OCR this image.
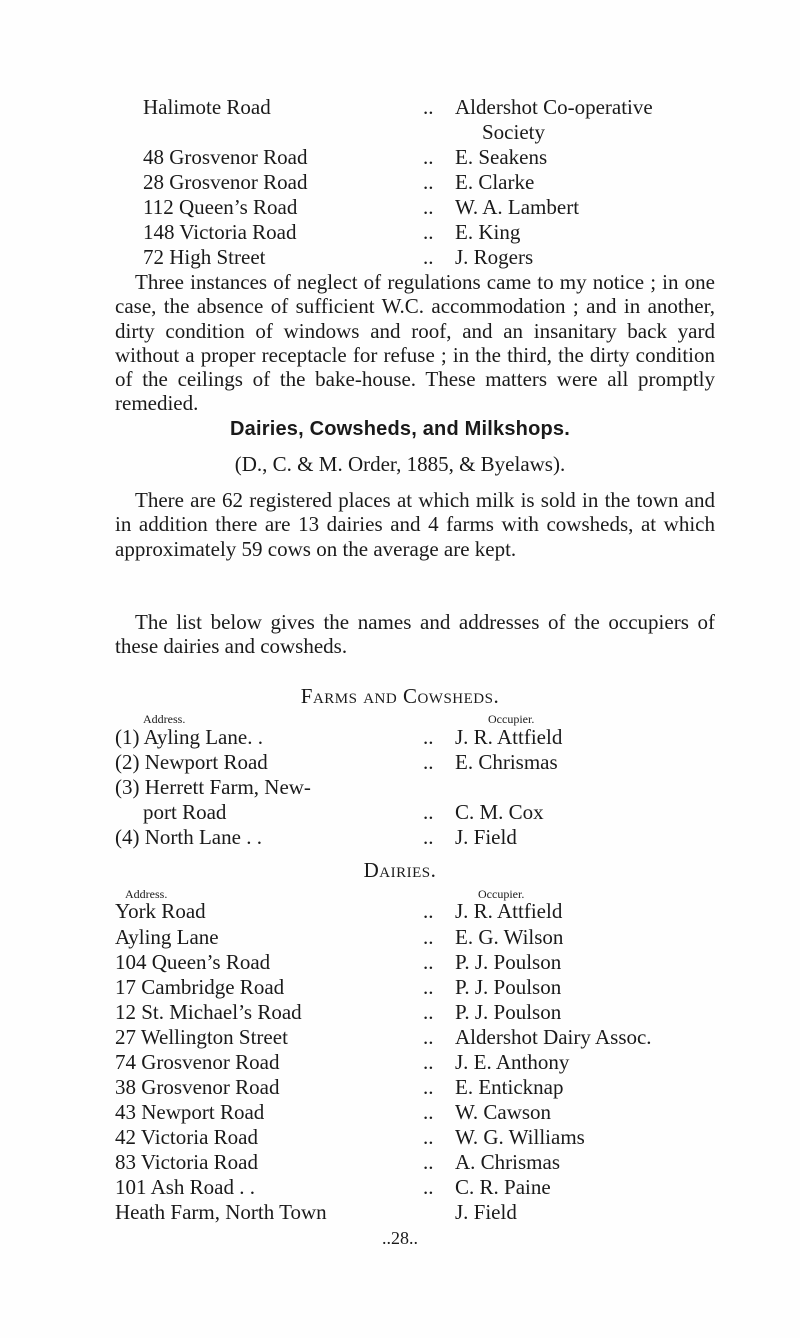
Halimote Road	.. Aldershot Co-operative
Society
48 Grosvenor Road	.. E. Seakens
28 Grosvenor Road	.. E. Clarke
112 Queen’s Road	.. W. A. Lambert
148 Victoria Road	.. E. King
72 High Street	.. J. Rogers
Three instances of neglect of regulations came to my notice ; in one case, the absence of sufficient W.C. accommodation ; and in another, dirty condition of windows and roof, and an insanitary back yard without a proper receptacle for refuse ; in the third, the dirty condition of the ceilings of the bake-house. These matters were all promptly remedied.
Dairies, Cowsheds, and Milkshops.
(D., C. & M. Order, 1885, & Byelaws).
There are 62 registered places at which milk is sold in the town and in addition there are 13 dairies and 4 farms with cowsheds, at which approximately 59 cows on the average are kept.
The list below gives the names and addresses of the occupiers of these dairies and cowsheds.
Farms and Cowsheds.
Address.	Occupier.
(1) Ayling Lane. .	.. J. R. Attfield
(2) Newport Road	.. E. Chrismas
(3) Herrett Farm, New-
port Road	.. C. M. Cox
(4) North Lane . .	.. J. Field
Dairies.
Address.	Occupier.
York Road	.. J. R. Attfield
Ayling Lane	.. E. G. Wilson
104 Queen’s Road	.. P. J. Poulson
17 Cambridge Road	.. P. J. Poulson
12 St. Michael’s Road	.. P. J. Poulson
27 Wellington Street	.. Aldershot Dairy Assoc.
74 Grosvenor Road	.. J. E. Anthony
38 Grosvenor Road	.. E. Enticknap
43 Newport Road	.. W. Cawson
42 Victoria Road	.. W. G. Williams
83 Victoria Road	.. A. Chrismas
101 Ash Road . .	.. C. R. Paine
Heath Farm, North Town	J. Field
..28..
